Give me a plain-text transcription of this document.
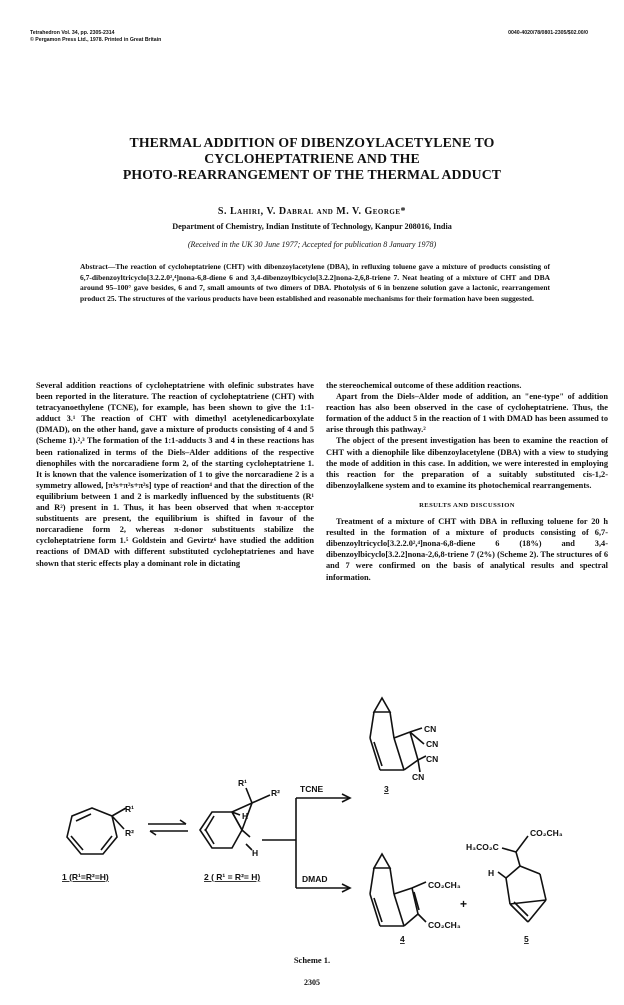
Tetrahedron Vol. 34, pp. 2305-2314
© Pergamon Press Ltd., 1978. Printed in Great Britain
0040-4020/78/0801-2305/$02.00/0
THERMAL ADDITION OF DIBENZOYLACETYLENE TO
CYCLOHEPTATRIENE AND THE
PHOTO-REARRANGEMENT OF THE THERMAL ADDUCT
S. Lahiri, V. Dabral and M. V. George*
Department of Chemistry, Indian Institute of Technology, Kanpur 208016, India
(Received in the UK 30 June 1977; Accepted for publication 8 January 1978)
Abstract—The reaction of cycloheptatriene (CHT) with dibenzoylacetylene (DBA), in refluxing toluene gave a mixture of products consisting of 6,7-dibenzoyltricyclo[3.2.2.0²,⁴]nona-6,8-diene 6 and 3,4-dibenzoylbicyclo[3.2.2]nona-2,6,8-triene 7. Neat heating of a mixture of CHT and DBA around 95–100° gave besides, 6 and 7, small amounts of two dimers of DBA. Photolysis of 6 in benzene solution gave a lactonic, rearrangement product 25. The structures of the various products have been established and reasonable mechanisms for their formation have been suggested.

Several addition reactions of cycloheptatriene with olefinic substrates have been reported in the literature. The reaction of cycloheptatriene (CHT) with tetracyanoethylene (TCNE), for example, has been shown to give the 1:1-adduct 3.¹ The reaction of CHT with dimethyl acetylenedicarboxylate (DMAD), on the other hand, gave a mixture of products consisting of 4 and 5 (Scheme 1).²,³ The formation of the 1:1-adducts 3 and 4 in these reactions has been rationalized in terms of the Diels–Alder additions of the respective dienophiles with the norcaradiene form 2, of the starting cycloheptatriene 1. It is known that the valence isomerization of 1 to give the norcaradiene 2 is a symmetry allowed, [π²s+π²s+π²s] type of reaction⁴ and that the direction of the equilibrium between 1 and 2 is markedly influenced by the substituents (R¹ and R²) present in 1. Thus, it has been observed that when π-acceptor substituents are present, the equilibrium is shifted in favour of the norcaradiene form 2, whereas π-donor substituents stabilize the cycloheptatriene form 1.⁵ Goldstein and Gevirtz⁶ have studied the addition reactions of DMAD with different substituted cycloheptatrienes and have shown that steric effects play a dominant role in dictating

the stereochemical outcome of these addition reactions.

Apart from the Diels–Alder mode of addition, an "ene-type" of addition reaction has also been observed in the case of cycloheptatriene. Thus, the formation of the adduct 5 in the reaction of 1 with DMAD has been assumed to arise through this pathway.²

The object of the present investigation has been to examine the reaction of CHT with a dienophile like dibenzoylacetylene (DBA) with a view to studying the mode of addition in this case. In addition, we were interested in employing this reaction for the preparation of a suitably substituted cis-1,2-dibenzoylalkene system and to examine its photochemical rearrangements.

RESULTS AND DISCUSSION

Treatment of a mixture of CHT with DBA in refluxing toluene for 20 h resulted in the formation of a mixture of products consisting of 6,7-dibenzoyltricyclo[3.2.2.0²,⁴]nona-6,8-diene 6 (18%) and 3,4-dibenzoylbicyclo[3.2.2]nona-2,6,8-triene 7 (2%) (Scheme 2). The structures of 6 and 7 were confirmed on the basis of analytical results and spectral information.

TCNE
DMAD
R¹
R²
R¹
R²
H
H
CN
CN
CN
CN
CO₂CH₃
CO₂CH₃
+
CO₂CH₃
H₃CO₂C
H
1 (R¹=R²=H)	2 ( R¹ = R²= H)
3
4	5
Scheme 1.
2305
